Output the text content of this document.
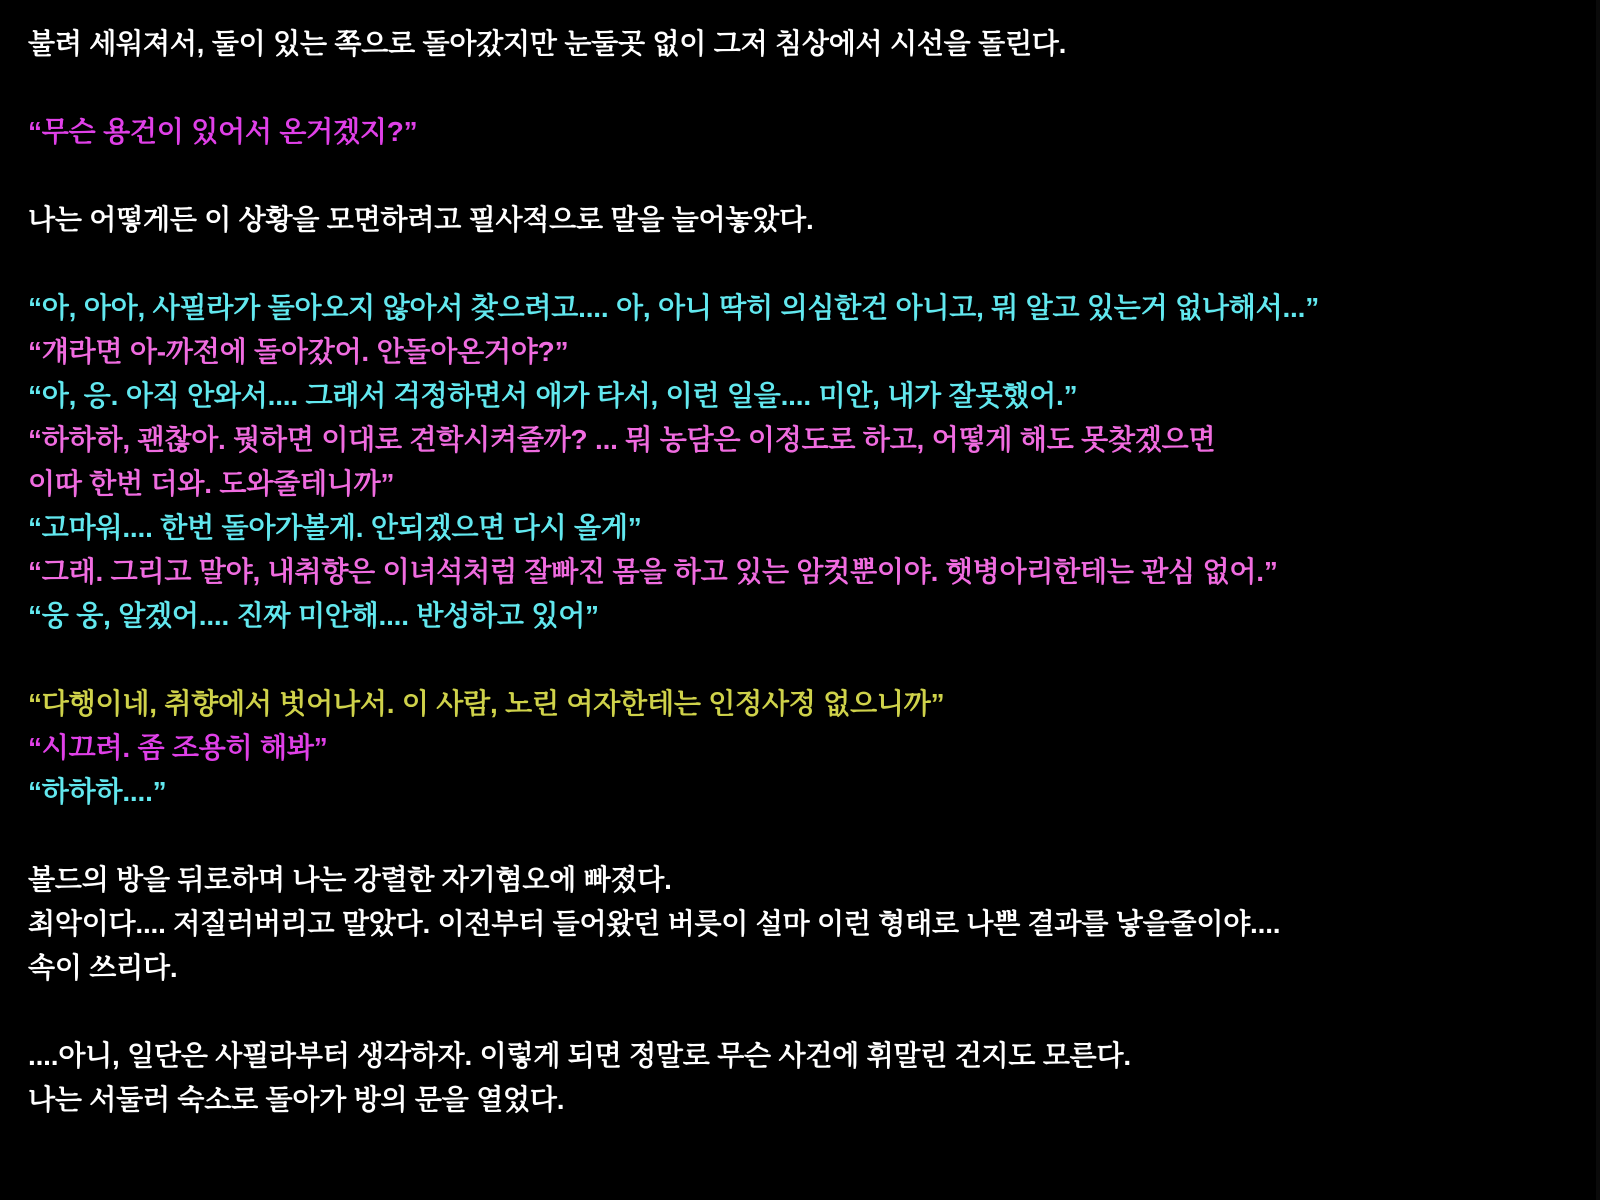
불려 세워져서, 둘이 있는 쪽으로 돌아갔지만 눈둘곳 없이 그저 침상에서 시선을 돌린다.
“무슨 용건이 있어서 온거겠지?”
나는 어떻게든 이 상황을 모면하려고 필사적으로 말을 늘어놓았다.
“아, 아아, 사필라가 돌아오지 않아서 찾으려고.... 아, 아니 딱히 의심한건 아니고, 뭐 알고 있는거 없나해서...”
“걔라면 아-까전에 돌아갔어. 안돌아온거야?”
“아, 응. 아직 안와서.... 그래서 걱정하면서 애가 타서, 이런 일을.... 미안, 내가 잘못했어.”
“하하하, 괜찮아. 뭣하면 이대로 견학시켜줄까? ... 뭐 농담은 이정도로 하고, 어떻게 해도 못찾겠으면
이따 한번 더와. 도와줄테니까”
“고마워.... 한번 돌아가볼게. 안되겠으면 다시 올게”
“그래. 그리고 말야, 내취향은 이녀석처럼 잘빠진 몸을 하고 있는 암컷뿐이야. 햇병아리한테는 관심 없어.”
“웅 웅, 알겠어.... 진짜 미안해.... 반성하고 있어”
“다행이네, 취향에서 벗어나서. 이 사람, 노린 여자한테는 인정사정 없으니까”
“시끄려. 좀 조용히 해봐”
“하하하....”
볼드의 방을 뒤로하며 나는 강렬한 자기혐오에 빠졌다.
최악이다.... 저질러버리고 말았다. 이전부터 들어왔던 버릇이 설마 이런 형태로 나쁜 결과를 낳을줄이야....
속이 쓰리다.
....아니, 일단은 사필라부터 생각하자. 이렇게 되면 정말로 무슨 사건에 휘말린 건지도 모른다.
나는 서둘러 숙소로 돌아가 방의 문을 열었다.
